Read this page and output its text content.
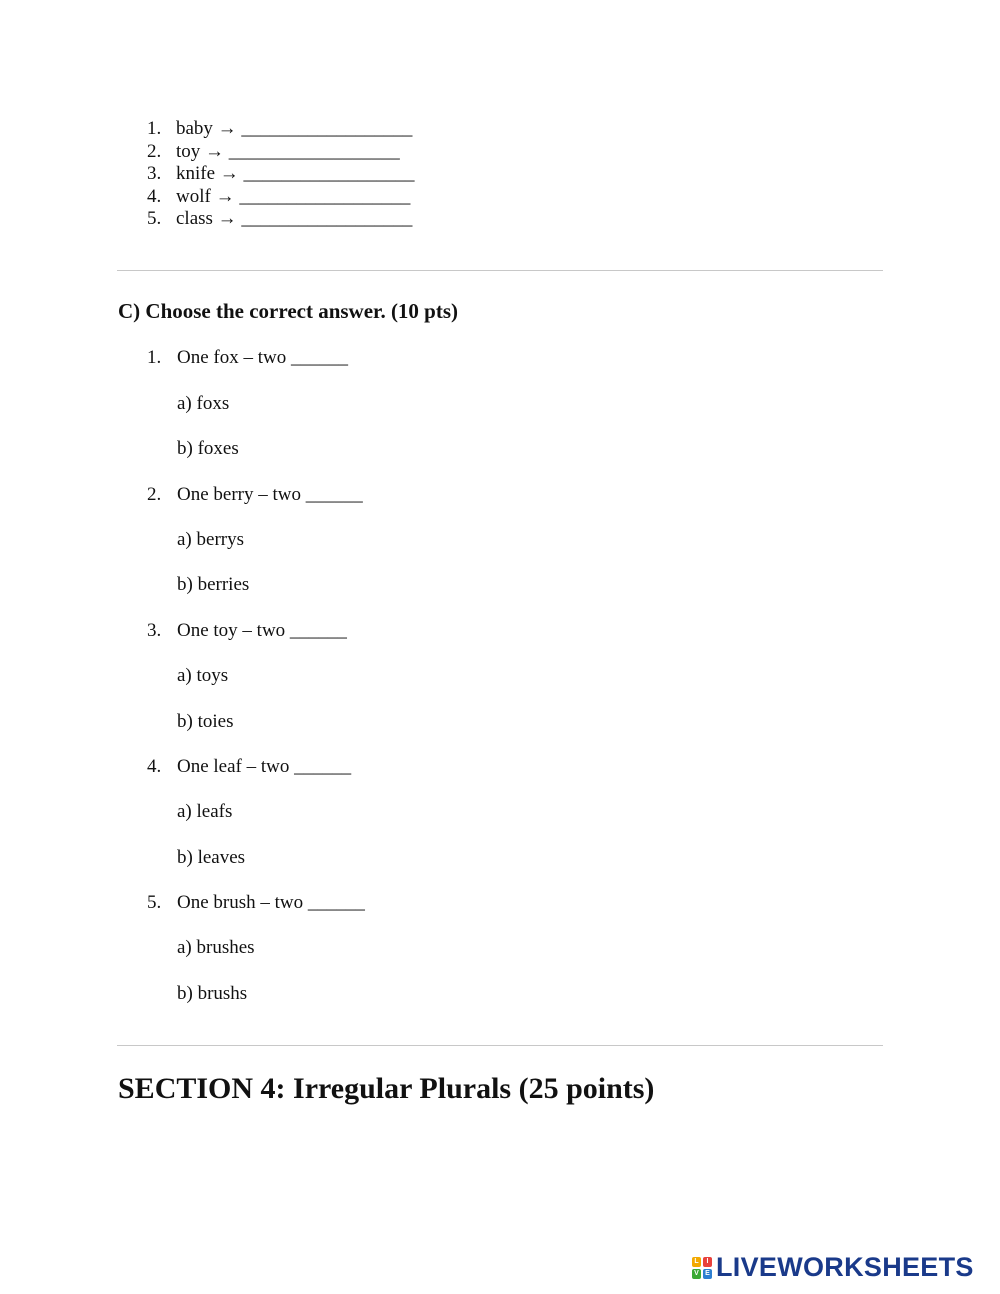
1. baby → __________________
2. toy → __________________
3. knife → __________________
4. wolf → __________________
5. class → __________________
C) Choose the correct answer. (10 pts)
1. One fox – two ______
a) foxs
b) foxes
2. One berry – two ______
a) berrys
b) berries
3. One toy – two ______
a) toys
b) toies
4. One leaf – two ______
a) leafs
b) leaves
5. One brush – two ______
a) brushes
b) brushs
SECTION 4: Irregular Plurals (25 points)
L	I
V E LIVEWORKSHEETS
